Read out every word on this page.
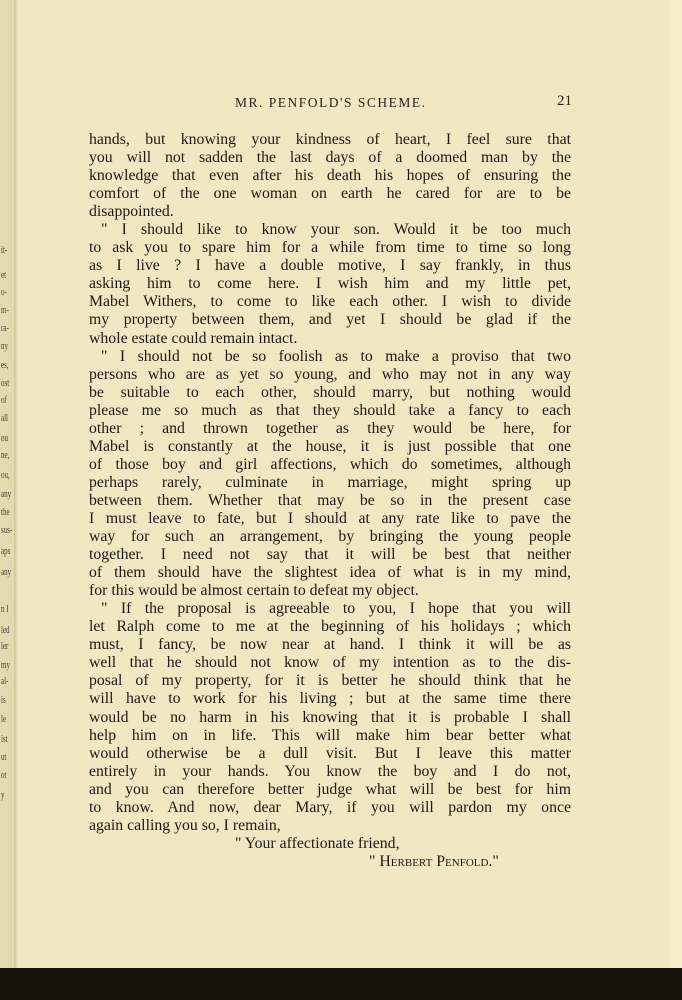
it-
et
o-
m-
ra-
ny
es,
ost
of
all
ou
ne,
ou,
any
the
sus-
aps
any
n I
led
ler
my
al-
is
le
ist
ut
ot
y
MR. PENFOLD'S SCHEME.	21
hands, but knowing your kindness of heart, I feel sure that
you will not sadden the last days of a doomed man by the
knowledge that even after his death his hopes of ensuring the
comfort of the one woman on earth he cared for are to be
disappointed.
" I should like to know your son. Would it be too much
to ask you to spare him for a while from time to time so long
as I live ? I have a double motive, I say frankly, in thus
asking him to come here. I wish him and my little pet,
Mabel Withers, to come to like each other. I wish to divide
my property between them, and yet I should be glad if the
whole estate could remain intact.
" I should not be so foolish as to make a proviso that two
persons who are as yet so young, and who may not in any way
be suitable to each other, should marry, but nothing would
please me so much as that they should take a fancy to each
other ; and thrown together as they would be here, for
Mabel is constantly at the house, it is just possible that one
of those boy and girl affections, which do sometimes, although
perhaps rarely, culminate in marriage, might spring up
between them. Whether that may be so in the present case
I must leave to fate, but I should at any rate like to pave the
way for such an arrangement, by bringing the young people
together. I need not say that it will be best that neither
of them should have the slightest idea of what is in my mind,
for this would be almost certain to defeat my object.
" If the proposal is agreeable to you, I hope that you will
let Ralph come to me at the beginning of his holidays ; which
must, I fancy, be now near at hand. I think it will be as
well that he should not know of my intention as to the dis-
posal of my property, for it is better he should think that he
will have to work for his living ; but at the same time there
would be no harm in his knowing that it is probable I shall
help him on in life. This will make him bear better what
would otherwise be a dull visit. But I leave this matter
entirely in your hands. You know the boy and I do not,
and you can therefore better judge what will be best for him
to know. And now, dear Mary, if you will pardon my once
again calling you so, I remain,
" Your affectionate friend,
" Herbert Penfold."
